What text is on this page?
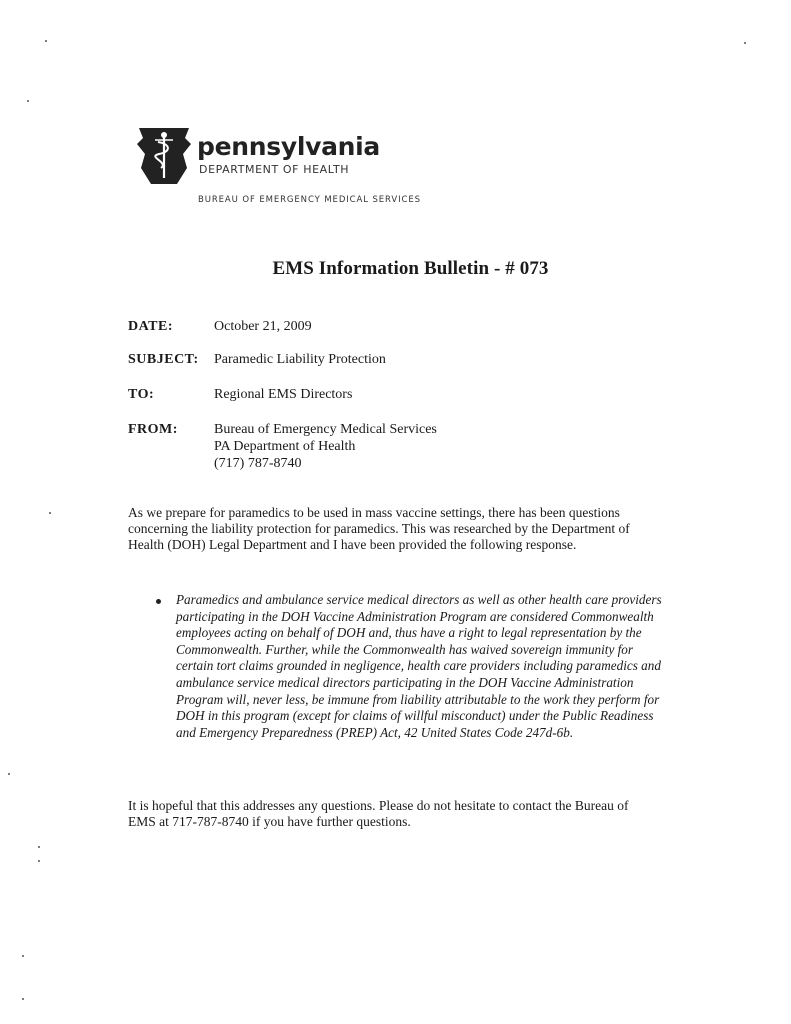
pennsylvania
DEPARTMENT OF HEALTH
BUREAU OF EMERGENCY MEDICAL SERVICES
EMS Information Bulletin - # 073
DATE:	October 21, 2009
SUBJECT: Paramedic Liability Protection
TO:	Regional EMS Directors
FROM:	Bureau of Emergency Medical Services
PA Department of Health
(717) 787-8740
As we prepare for paramedics to be used in mass vaccine settings, there has been questions concerning the liability protection for paramedics. This was researched by the Department of Health (DOH) Legal Department and I have been provided the following response.
Paramedics and ambulance service medical directors as well as other health care providers participating in the DOH Vaccine Administration Program are considered Commonwealth employees acting on behalf of DOH and, thus have a right to legal representation by the Commonwealth. Further, while the Commonwealth has waived sovereign immunity for certain tort claims grounded in negligence, health care providers including paramedics and ambulance service medical directors participating in the DOH Vaccine Administration Program will, never less, be immune from liability attributable to the work they perform for DOH in this program (except for claims of willful misconduct) under the Public Readiness and Emergency Preparedness (PREP) Act, 42 United States Code 247d-6b.
It is hopeful that this addresses any questions. Please do not hesitate to contact the Bureau of EMS at 717-787-8740 if you have further questions.
